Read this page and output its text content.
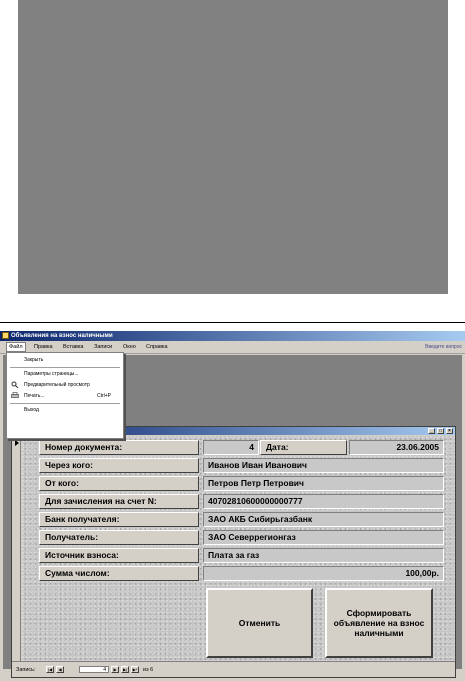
Объявления на взнос наличными
Файл	Правка Вставка Записи Окно Справка	Введите вопрос
Закрыть
Параметры страницы...
Предварительный просмотр
Печать...	Ctrl+P
Выход
_	□	×
Номер документа:	4	Дата:	23.06.2005
Через кого:	Иванов Иван Иванович
От кого:	Петров Петр Петрович
Для зачисления на счет N:	40702810600000000777
Банк получателя:	ЗАО АКБ Сибирьгазбанк
Получатель:	ЗАО Северрегионгаз
Источник взноса:	Плата за газ
Сумма числом:	100,00р.
Отменить
Сформировать объявление на взнос наличными
Запись:	|◀	◀	4	▶	▶|	▶*	из 6
